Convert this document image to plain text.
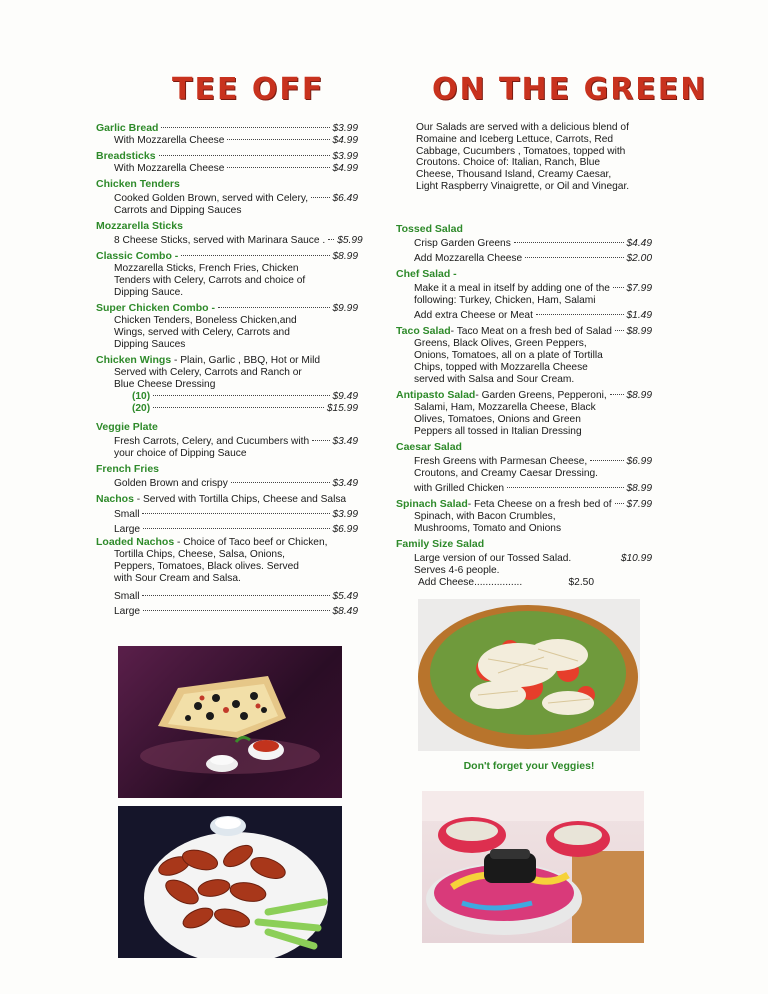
TEE OFF	ON THE GREEN
Garlic Bread	$3.99
With Mozzarella Cheese	$4.99
Breadsticks	$3.99
With Mozzarella Cheese	$4.99
Chicken Tenders
Cooked Golden Brown, served with Celery, $6.49
Carrots and Dipping Sauces
Mozzarella Sticks
8 Cheese Sticks, served with Marinara Sauce . $5.99
Classic Combo -	$8.99
Mozzarella Sticks, French Fries, Chicken Tenders with Celery, Carrots and choice of Dipping Sauce.
Super Chicken Combo -	$9.99
Chicken Tenders, Boneless Chicken,and Wings, served with Celery, Carrots and Dipping Sauces
Chicken Wings - Plain, Garlic , BBQ, Hot or Mild
Served with Celery, Carrots and Ranch or Blue Cheese Dressing
(10)	$9.49
(20)	$15.99
Veggie Plate
Fresh Carrots, Celery, and Cucumbers with $3.49
your choice of Dipping Sauce
French Fries
Golden Brown and crispy	$3.49
Nachos - Served with Tortilla Chips, Cheese and Salsa
Small	$3.99
Large	$6.99
Loaded Nachos - Choice of Taco beef or Chicken,
Tortilla Chips, Cheese, Salsa, Onions, Peppers, Tomatoes, Black olives. Served with Sour Cream and Salsa.
Small	$5.49
Large	$8.49
Our Salads are served with a delicious blend of Romaine and Iceberg Lettuce, Carrots, Red Cabbage, Cucumbers , Tomatoes, topped with Croutons. Choice of: Italian, Ranch, Blue Cheese, Thousand Island, Creamy Caesar, Light Raspberry Vinaigrette, or Oil and Vinegar.
Tossed Salad
Crisp Garden Greens	$4.49
Add Mozzarella Cheese	$2.00
Chef Salad -
Make it a meal in itself by adding one of the $7.99
following: Turkey, Chicken, Ham, Salami
Add extra Cheese or Meat	$1.49
Taco Salad - Taco Meat on a fresh bed of Salad $8.99
Greens, Black Olives, Green Peppers, Onions, Tomatoes, all on a plate of Tortilla Chips, topped with Mozzarella Cheese served with Salsa and Sour Cream.
Antipasto Salad - Garden Greens, Pepperoni, $8.99
Salami, Ham, Mozzarella Cheese, Black Olives, Tomatoes, Onions and Green Peppers all tossed in Italian Dressing
Caesar Salad
Fresh Greens with Parmesan Cheese,	$6.99
Croutons, and Creamy Caesar Dressing.
with Grilled Chicken	$8.99
Spinach Salad - Feta Cheese on a fresh bed of $7.99
Spinach, with Bacon Crumbles, Mushrooms, Tomato and Onions
Family Size Salad
Large version of our Tossed Salad.	$10.99
Serves 4-6 people.
Add Cheese.................	$2.50
Don't forget your Veggies!
